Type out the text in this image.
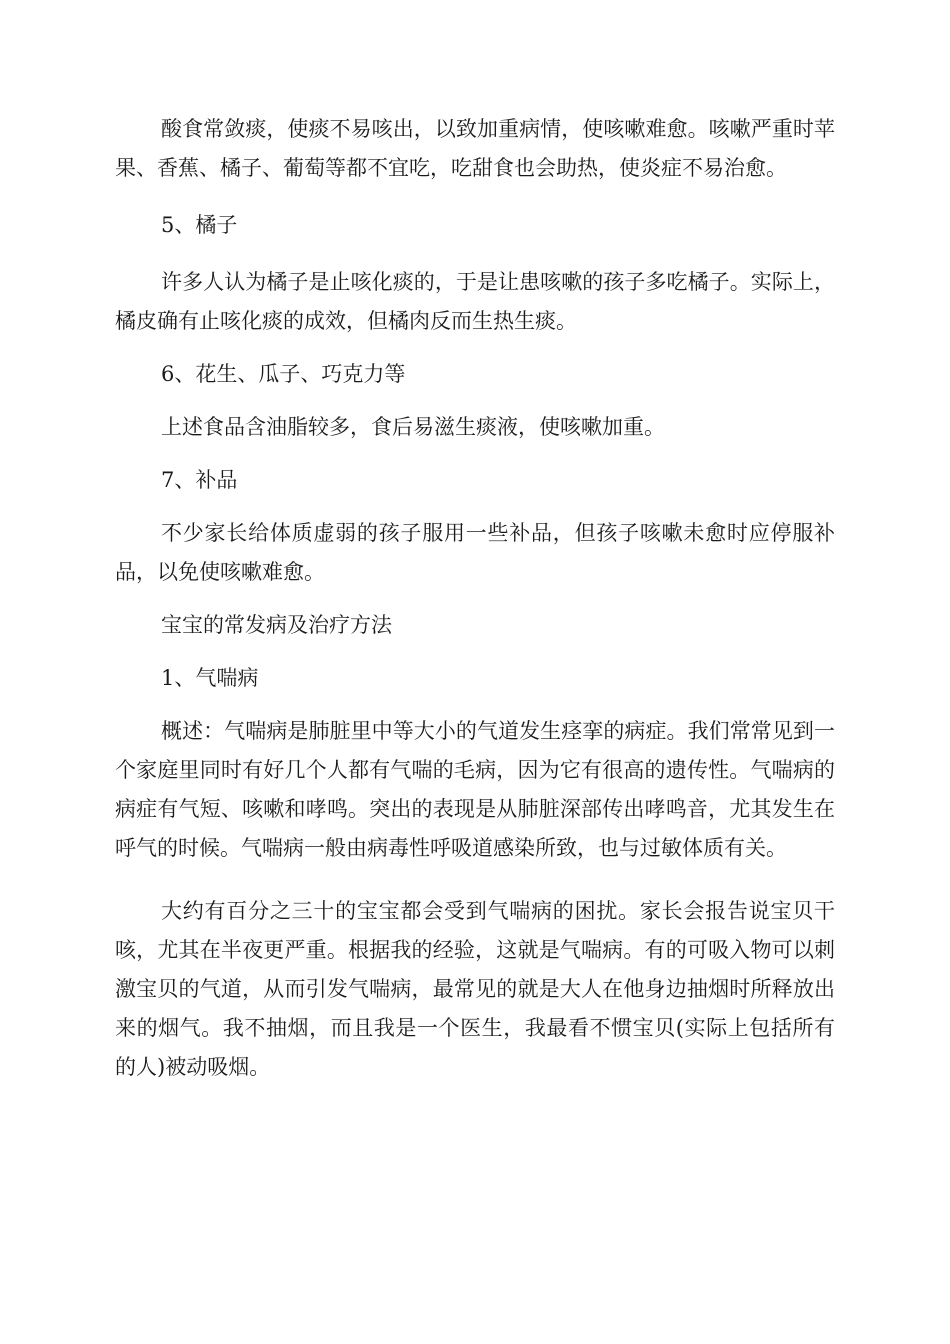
酸食常敛痰，使痰不易咳出，以致加重病情，使咳嗽难愈。咳嗽严重时苹果、香蕉、橘子、葡萄等都不宜吃，吃甜食也会助热，使炎症不易治愈。

5、橘子

许多人认为橘子是止咳化痰的，于是让患咳嗽的孩子多吃橘子。实际上，橘皮确有止咳化痰的成效，但橘肉反而生热生痰。

6、花生、瓜子、巧克力等

上述食品含油脂较多，食后易滋生痰液，使咳嗽加重。

7、补品

不少家长给体质虚弱的孩子服用一些补品，但孩子咳嗽未愈时应停服补品，以免使咳嗽难愈。

宝宝的常发病及治疗方法

1、气喘病

概述：气喘病是肺脏里中等大小的气道发生痉挛的病症。我们常常见到一个家庭里同时有好几个人都有气喘的毛病，因为它有很高的遗传性。气喘病的病症有气短、咳嗽和哮鸣。突出的表现是从肺脏深部传出哮鸣音，尤其发生在呼气的时候。气喘病一般由病毒性呼吸道感染所致，也与过敏体质有关。

大约有百分之三十的宝宝都会受到气喘病的困扰。家长会报告说宝贝干咳，尤其在半夜更严重。根据我的经验，这就是气喘病。有的可吸入物可以刺激宝贝的气道，从而引发气喘病，最常见的就是大人在他身边抽烟时所释放出来的烟气。我不抽烟，而且我是一个医生，我最看不惯宝贝(实际上包括所有的人)被动吸烟。
